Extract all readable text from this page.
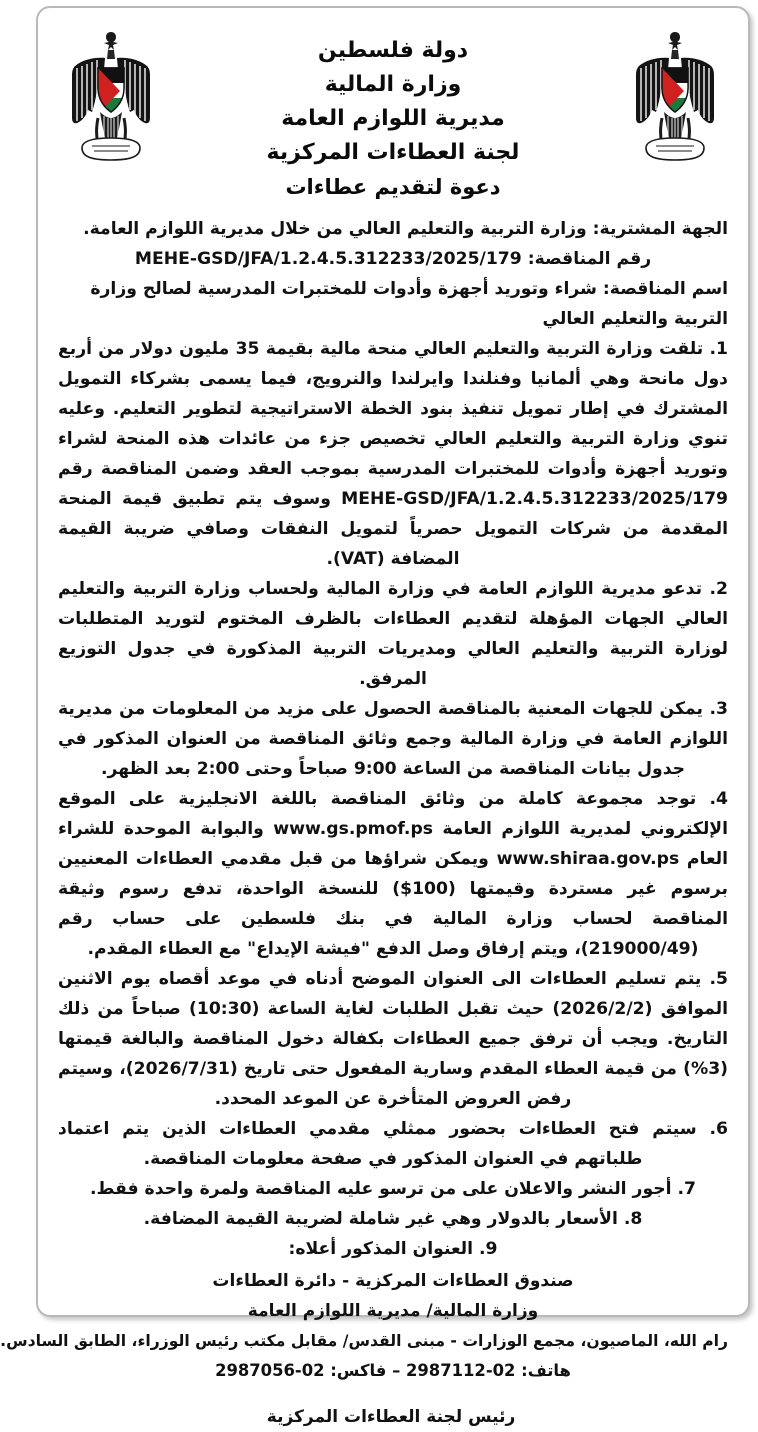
دولة فلسطين
وزارة المالية
مديرية اللوازم العامة
لجنة العطاءات المركزية
دعوة لتقديم عطاءات

الجهة المشترية: وزارة التربية والتعليم العالي من خلال مديرية اللوازم العامة.

رقم المناقصة: MEHE-GSD/JFA/1.2.4.5.312233/2025/179

اسم المناقصة: شراء وتوريد أجهزة وأدوات للمختبرات المدرسية لصالح وزارة التربية والتعليم العالي

1. تلقت وزارة التربية والتعليم العالي منحة مالية بقيمة 35 مليون دولار من أربع دول مانحة وهي ألمانيا وفنلندا وايرلندا والنرويج، فيما يسمى بشركاء التمويل المشترك في إطار تمويل تنفيذ بنود الخطة الاستراتيجية لتطوير التعليم. وعليه تنوي وزارة التربية والتعليم العالي تخصيص جزء من عائدات هذه المنحة لشراء وتوريد أجهزة وأدوات للمختبرات المدرسية بموجب العقد وضمن المناقصة رقم MEHE-GSD/JFA/1.2.4.5.312233/2025/179 وسوف يتم تطبيق قيمة المنحة المقدمة من شركات التمويل حصرياً لتمويل النفقات وصافي ضريبة القيمة المضافة (VAT).

2. تدعو مديرية اللوازم العامة في وزارة المالية ولحساب وزارة التربية والتعليم العالي الجهات المؤهلة لتقديم العطاءات بالظرف المختوم لتوريد المتطلبات لوزارة التربية والتعليم العالي ومديريات التربية المذكورة في جدول التوزيع المرفق.

3. يمكن للجهات المعنية بالمناقصة الحصول على مزيد من المعلومات من مديرية اللوازم العامة في وزارة المالية وجمع وثائق المناقصة من العنوان المذكور في جدول بيانات المناقصة من الساعة 9:00 صباحاً وحتى 2:00 بعد الظهر.

4. توجد مجموعة كاملة من وثائق المناقصة باللغة الانجليزية على الموقع الإلكتروني لمديرية اللوازم العامة www.gs.pmof.ps والبوابة الموحدة للشراء العام www.shiraa.gov.ps ويمكن شراؤها من قبل مقدمي العطاءات المعنيين برسوم غير مستردة وقيمتها (100$) للنسخة الواحدة، تدفع رسوم وثيقة المناقصة لحساب وزارة المالية في بنك فلسطين على حساب رقم (219000/49)، ويتم إرفاق وصل الدفع "فيشة الإيداع" مع العطاء المقدم.

5. يتم تسليم العطاءات الى العنوان الموضح أدناه في موعد أقصاه يوم الاثنين الموافق (2026/2/2) حيث تقبل الطلبات لغاية الساعة (10:30) صباحاً من ذلك التاريخ. ويجب أن ترفق جميع العطاءات بكفالة دخول المناقصة والبالغة قيمتها (3%) من قيمة العطاء المقدم وسارية المفعول حتى تاريخ (2026/7/31)، وسيتم رفض العروض المتأخرة عن الموعد المحدد.

6. سيتم فتح العطاءات بحضور ممثلي مقدمي العطاءات الذين يتم اعتماد طلباتهم في العنوان المذكور في صفحة معلومات المناقصة.

7. أجور النشر والاعلان على من ترسو عليه المناقصة ولمرة واحدة فقط.

8. الأسعار بالدولار وهي غير شاملة لضريبة القيمة المضافة.

9. العنوان المذكور أعلاه:

صندوق العطاءات المركزية - دائرة العطاءات
وزارة المالية/ مديرية اللوازم العامة
رام الله، الماصيون، مجمع الوزارات - مبنى القدس/ مقابل مكتب رئيس الوزراء، الطابق السادس.
هاتف: 02-2987112 – فاكس: 02-2987056
رئيس لجنة العطاءات المركزية
